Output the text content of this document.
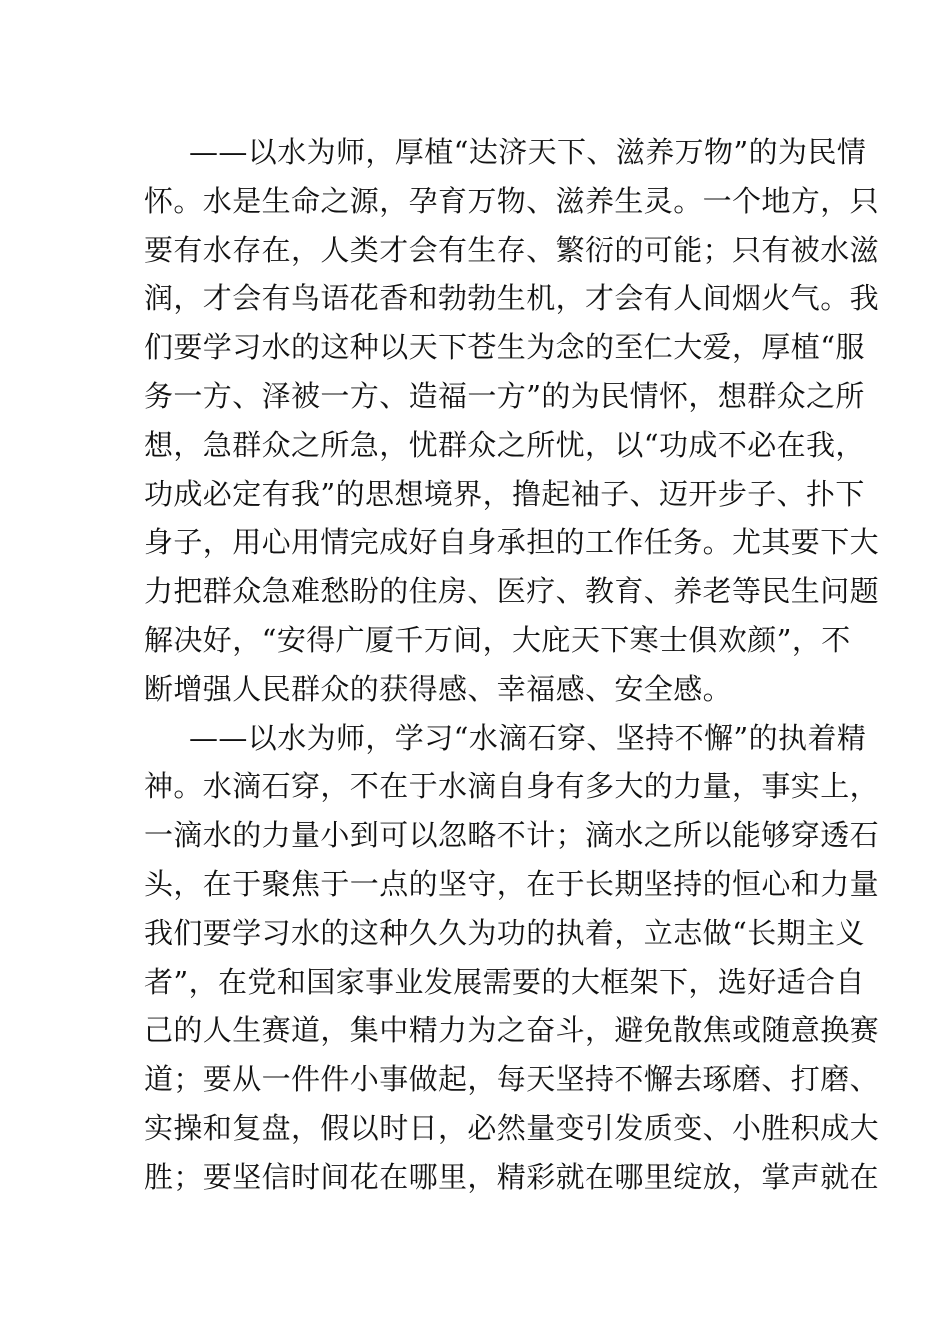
——以水为师，厚植“达济天下、滋养万物”的为民情
怀。水是生命之源，孕育万物、滋养生灵。一个地方，只
要有水存在，人类才会有生存、繁衍的可能；只有被水滋
润，才会有鸟语花香和勃勃生机，才会有人间烟火气。我
们要学习水的这种以天下苍生为念的至仁大爱，厚植“服
务一方、泽被一方、造福一方”的为民情怀，想群众之所
想，急群众之所急，忧群众之所忧，以“功成不必在我，
功成必定有我”的思想境界，撸起袖子、迈开步子、扑下
身子，用心用情完成好自身承担的工作任务。尤其要下大
力把群众急难愁盼的住房、医疗、教育、养老等民生问题
解决好，“安得广厦千万间，大庇天下寒士俱欢颜”，不
断增强人民群众的获得感、幸福感、安全感。
——以水为师，学习“水滴石穿、坚持不懈”的执着精
神。水滴石穿，不在于水滴自身有多大的力量，事实上，
一滴水的力量小到可以忽略不计；滴水之所以能够穿透石
头，在于聚焦于一点的坚守，在于长期坚持的恒心和力量
我们要学习水的这种久久为功的执着，立志做“长期主义
者”，在党和国家事业发展需要的大框架下，选好适合自
己的人生赛道，集中精力为之奋斗，避免散焦或随意换赛
道；要从一件件小事做起，每天坚持不懈去琢磨、打磨、
实操和复盘，假以时日，必然量变引发质变、小胜积成大
胜；要坚信时间花在哪里，精彩就在哪里绽放，掌声就在
